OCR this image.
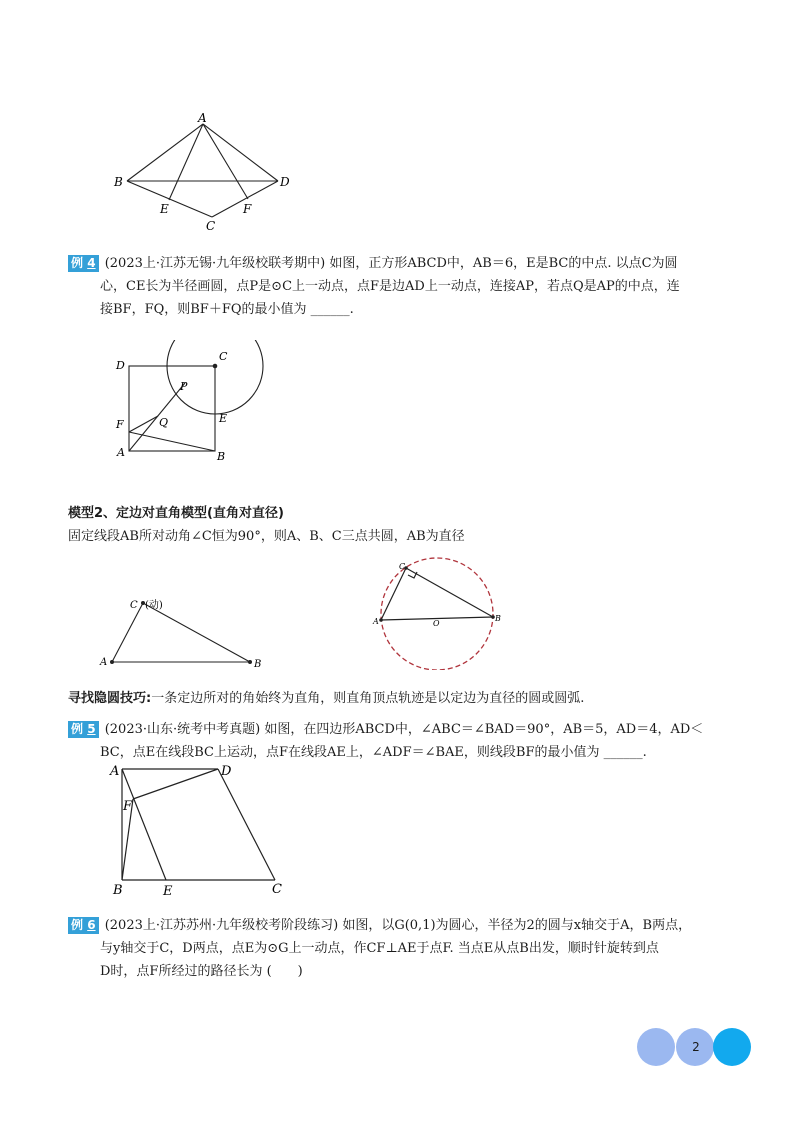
A
B	D
E	F
C
例 4 (2023上·江苏无锡·九年级校联考期中) 如图，正方形ABCD中，AB＝6，E是BC的中点. 以点C为圆
心，CE长为半径画圆，点P是⊙C上一动点，点F是边AD上一动点，连接AP，若点Q是AP的中点，连
接BF，FQ，则BF＋FQ的最小值为 ______.
D
C
P
E
F	Q
A	B
模型2、定边对直角模型(直角对直径)
固定线段AB所对动角∠C恒为90°，则A、B、C三点共圆，AB为直径
C (动)
A	B
C
A	B
O
寻找隐圆技巧:一条定边所对的角始终为直角，则直角顶点轨迹是以定边为直径的圆或圆弧.
例 5 (2023·山东·统考中考真题) 如图，在四边形ABCD中，∠ABC＝∠BAD＝90°，AB＝5，AD＝4，AD＜
BC，点E在线段BC上运动，点F在线段AE上，∠ADF＝∠BAE，则线段BF的最小值为 ______.
A	D
F
B	E	C
例 6 (2023上·江苏苏州·九年级校考阶段练习) 如图，以G(0,1)为圆心，半径为2的圆与x轴交于A，B两点，
与y轴交于C，D两点，点E为⊙G上一动点，作CF⊥AE于点F. 当点E从点B出发，顺时针旋转到点
D时，点F所经过的路径长为 (　　)
2
